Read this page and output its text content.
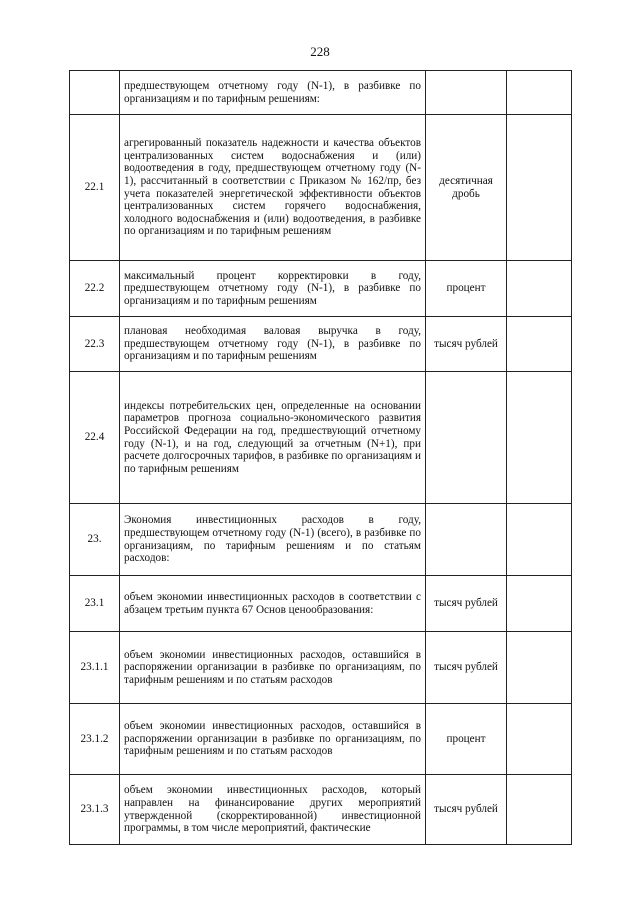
228
	предшествующем отчетному году (N-1), в разбивке по организациям и по тарифным решениям:		
22.1	агрегированный показатель надежности и качества объектов централизованных систем водоснабжения и (или) водоотведения в году, предшествующем отчетному году (N-1), рассчитанный в соответствии с Приказом № 162/пр, без учета показателей энергетической эффективности объектов централизованных систем горячего водоснабжения, холодного водоснабжения и (или) водоотведения, в разбивке по организациям и по тарифным решениям	десятичная дробь	
22.2	максимальный процент корректировки в году, предшествующем отчетному году (N-1), в разбивке по организациям и по тарифным решениям	процент	
22.3	плановая необходимая валовая выручка в году, предшествующем отчетному году (N-1), в разбивке по организациям и по тарифным решениям	тысяч рублей	
22.4	индексы потребительских цен, определенные на основании параметров прогноза социально-экономического развития Российской Федерации на год, предшествующий отчетному году (N-1), и на год, следующий за отчетным (N+1), при расчете долгосрочных тарифов, в разбивке по организациям и по тарифным решениям		
23.	Экономия инвестиционных расходов в году, предшествующем отчетному году (N-1) (всего), в разбивке по организациям, по тарифным решениям и по статьям расходов:		
23.1	объем экономии инвестиционных расходов в соответствии с абзацем третьим пункта 67 Основ ценообразования:	тысяч рублей	
23.1.1	объем экономии инвестиционных расходов, оставшийся в распоряжении организации в разбивке по организациям, по тарифным решениям и по статьям расходов	тысяч рублей	
23.1.2	объем экономии инвестиционных расходов, оставшийся в распоряжении организации в разбивке по организациям, по тарифным решениям и по статьям расходов	процент	
23.1.3	объем экономии инвестиционных расходов, который направлен на финансирование других мероприятий утвержденной (скорректированной) инвестиционной программы, в том числе мероприятий, фактические	тысяч рублей	
